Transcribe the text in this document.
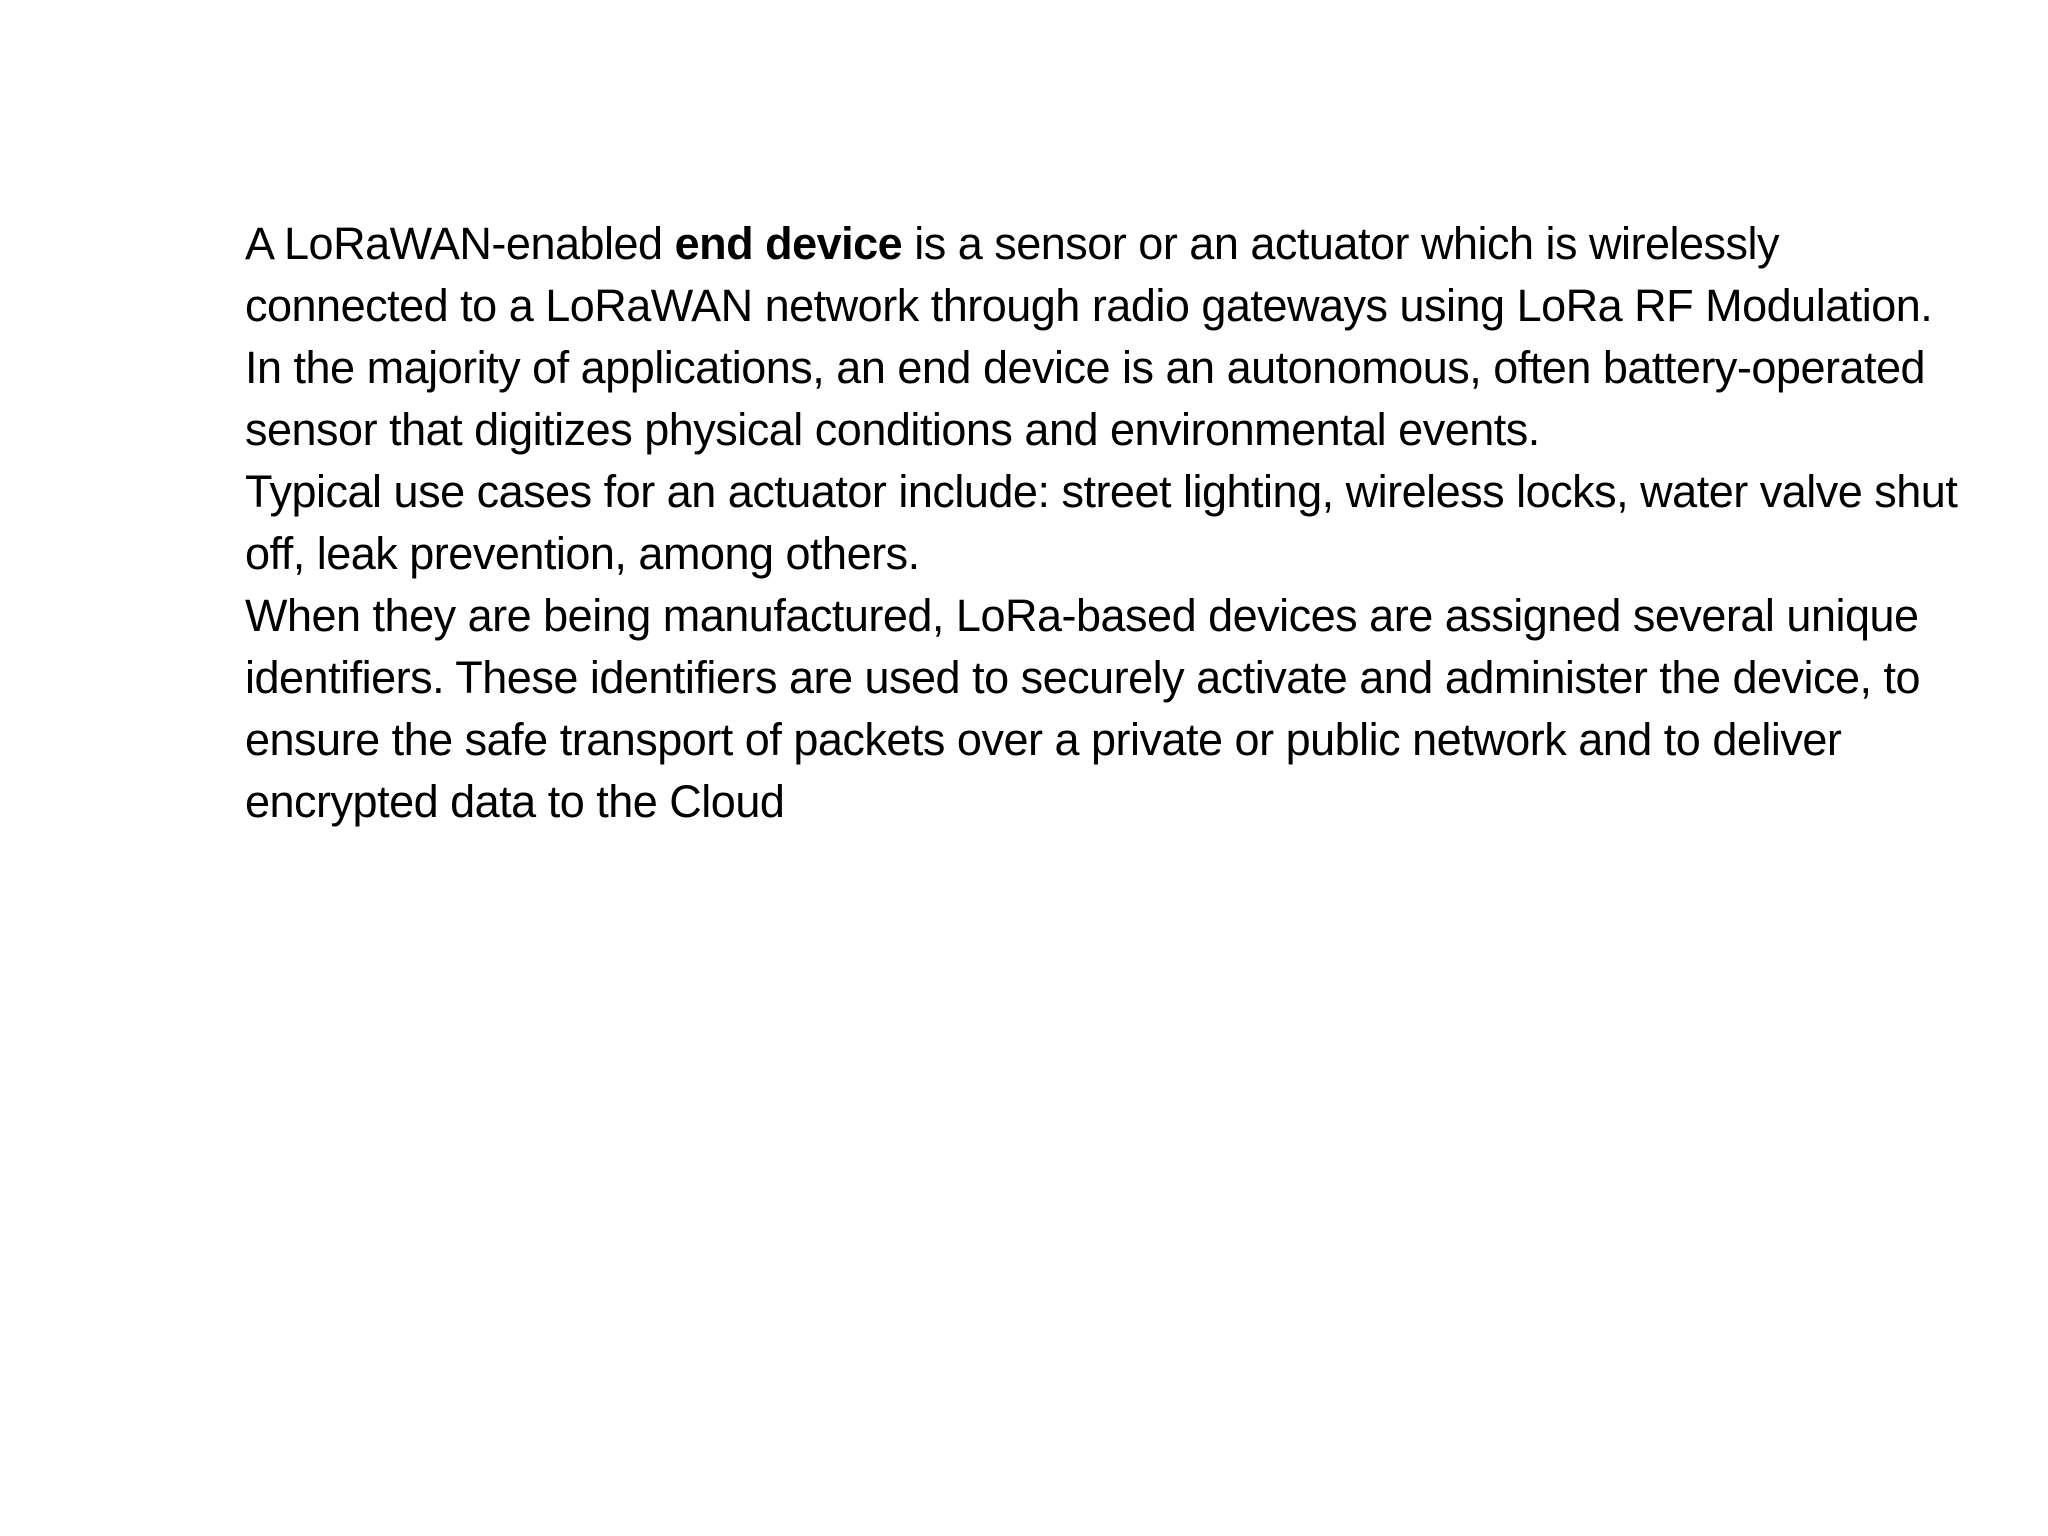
A LoRaWAN-enabled end device is a sensor or an actuator which is wirelessly connected to a LoRaWAN network through radio gateways using LoRa RF Modulation.

In the majority of applications, an end device is an autonomous, often battery-operated sensor that digitizes physical conditions and environmental events.

Typical use cases for an actuator include: street lighting, wireless locks, water valve shut off, leak prevention, among others.

When they are being manufactured, LoRa-based devices are assigned several unique identifiers. These identifiers are used to securely activate and administer the device, to ensure the safe transport of packets over a private or public network and to deliver encrypted data to the Cloud
